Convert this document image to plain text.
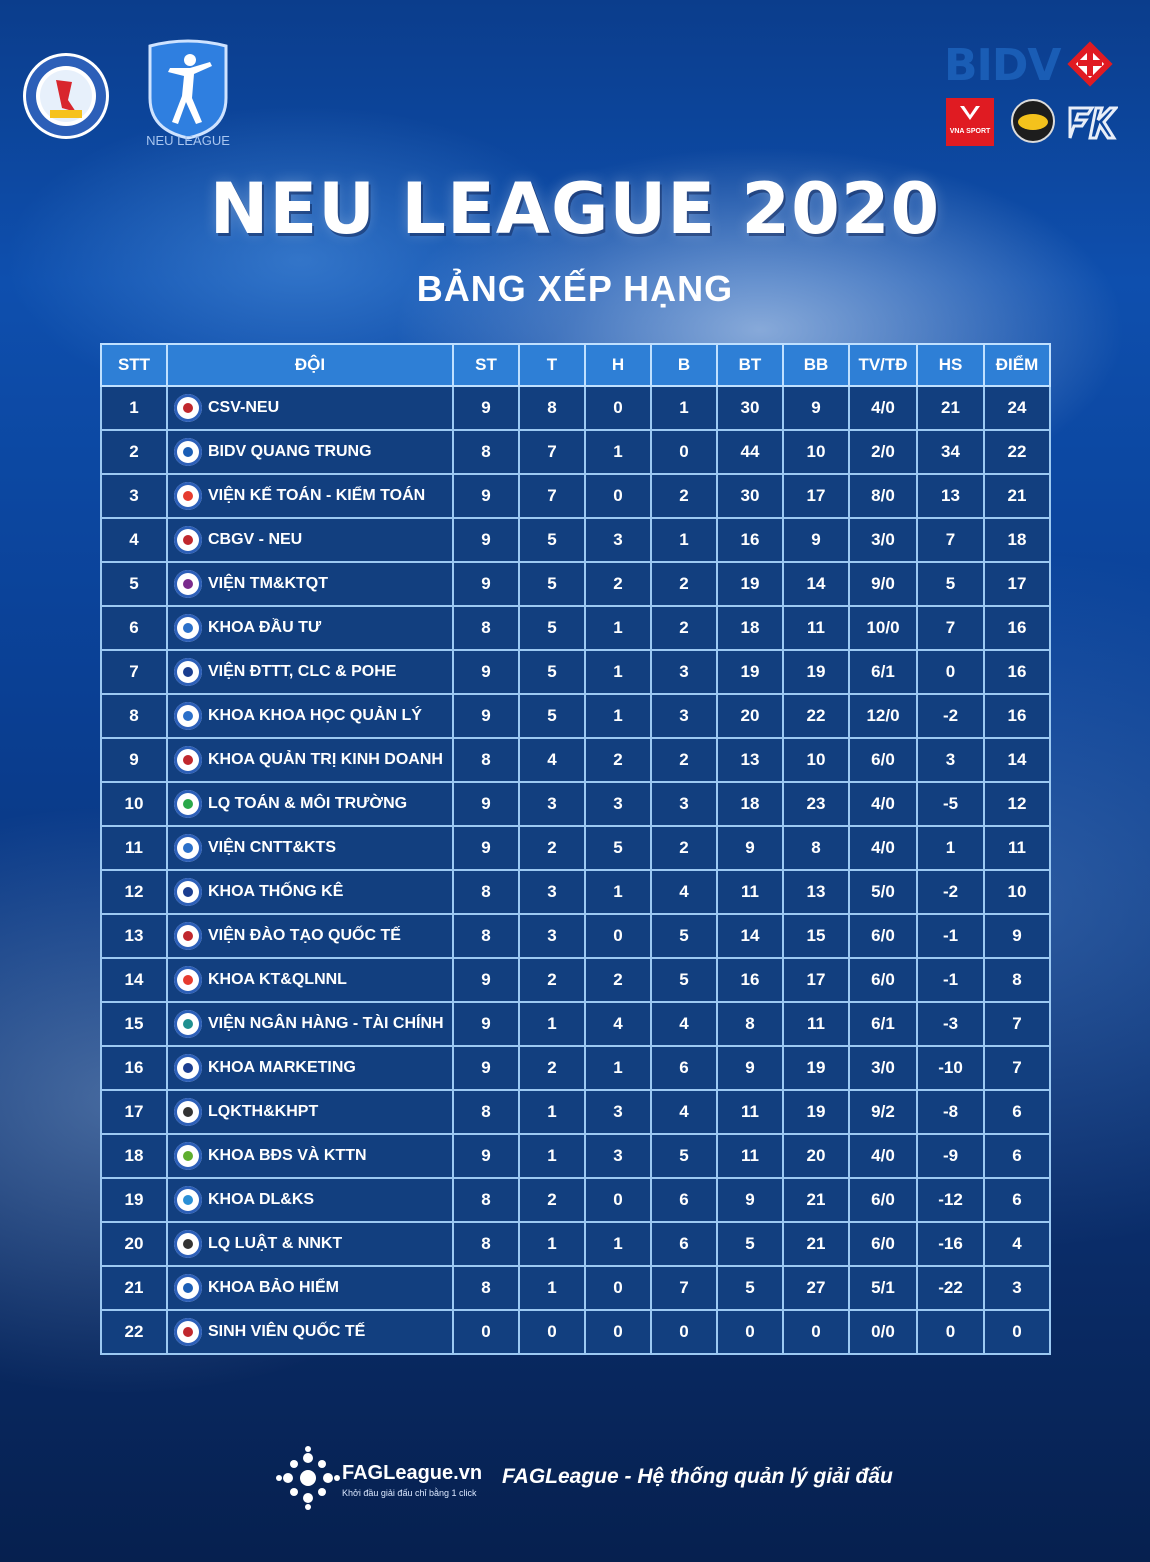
NEU LEAGUE
BIDV
VNA SPORT
NEU LEAGUE 2020
BẢNG XẾP HẠNG
STT	ĐỘI	ST	T	H	B	BT	BB	TV/TĐ	HS	ĐIỂM
1	CSV-NEU	9	8	0	1	30	9	4/0	21	24
2	BIDV QUANG TRUNG	8	7	1	0	44	10	2/0	34	22
3	VIỆN KẾ TOÁN - KIỂM TOÁN	9	7	0	2	30	17	8/0	13	21
4	CBGV - NEU	9	5	3	1	16	9	3/0	7	18
5	VIỆN TM&KTQT	9	5	2	2	19	14	9/0	5	17
6	KHOA ĐẦU TƯ	8	5	1	2	18	11	10/0	7	16
7	VIỆN ĐTTT, CLC & POHE	9	5	1	3	19	19	6/1	0	16
8	KHOA KHOA HỌC QUẢN LÝ	9	5	1	3	20	22	12/0	-2	16
9	KHOA QUẢN TRỊ KINH DOANH	8	4	2	2	13	10	6/0	3	14
10	LQ TOÁN & MÔI TRƯỜNG	9	3	3	3	18	23	4/0	-5	12
11	VIỆN CNTT&KTS	9	2	5	2	9	8	4/0	1	11
12	KHOA THỐNG KÊ	8	3	1	4	11	13	5/0	-2	10
13	VIỆN ĐÀO TẠO QUỐC TẾ	8	3	0	5	14	15	6/0	-1	9
14	KHOA KT&QLNNL	9	2	2	5	16	17	6/0	-1	8
15	VIỆN NGÂN HÀNG - TÀI CHÍNH	9	1	4	4	8	11	6/1	-3	7
16	KHOA MARKETING	9	2	1	6	9	19	3/0	-10	7
17	LQKTH&KHPT	8	1	3	4	11	19	9/2	-8	6
18	KHOA BĐS VÀ KTTN	9	1	3	5	11	20	4/0	-9	6
19	KHOA DL&KS	8	2	0	6	9	21	6/0	-12	6
20	LQ LUẬT & NNKT	8	1	1	6	5	21	6/0	-16	4
21	KHOA BẢO HIỂM	8	1	0	7	5	27	5/1	-22	3
22	SINH VIÊN QUỐC TẾ	0	0	0	0	0	0	0/0	0	0
FAGLeague.vn
Khởi đầu giải đấu chỉ bằng 1 click
FAGLeague - Hệ thống quản lý giải đấu
